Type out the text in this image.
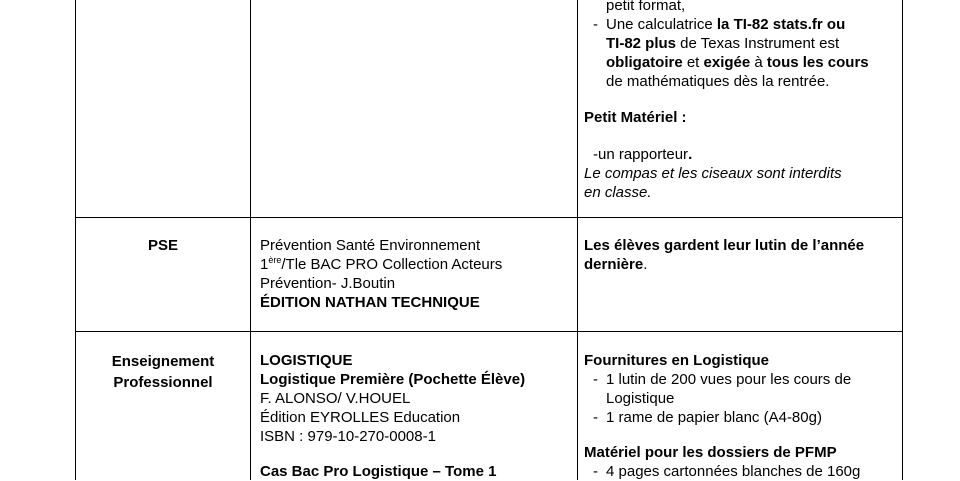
petit format,
- Une calculatrice la TI-82 stats.fr ou
TI-82 plus de Texas Instrument est
obligatoire et exigée à tous les cours
de mathématiques dès la rentrée.
Petit Matériel :
-un rapporteur.
Le compas et les ciseaux sont interdits
en classe.
PSE	Prévention Santé Environnement
1ère/Tle BAC PRO Collection Acteurs
Prévention- J.Boutin
ÉDITION NATHAN TECHNIQUE
Les élèves gardent leur lutin de l’année
dernière.
Enseignement
Professionnel
LOGISTIQUE
Logistique Première (Pochette Élève)
F. ALONSO/ V.HOUEL
Édition EYROLLES Education
ISBN : 979-10-270-0008-1
Cas Bac Pro Logistique – Tome 1
Fournitures en Logistique
- 1 lutin de 200 vues pour les cours de
Logistique
- 1 rame de papier blanc (A4-80g)
Matériel pour les dossiers de PFMP
- 4 pages cartonnées blanches de 160g
